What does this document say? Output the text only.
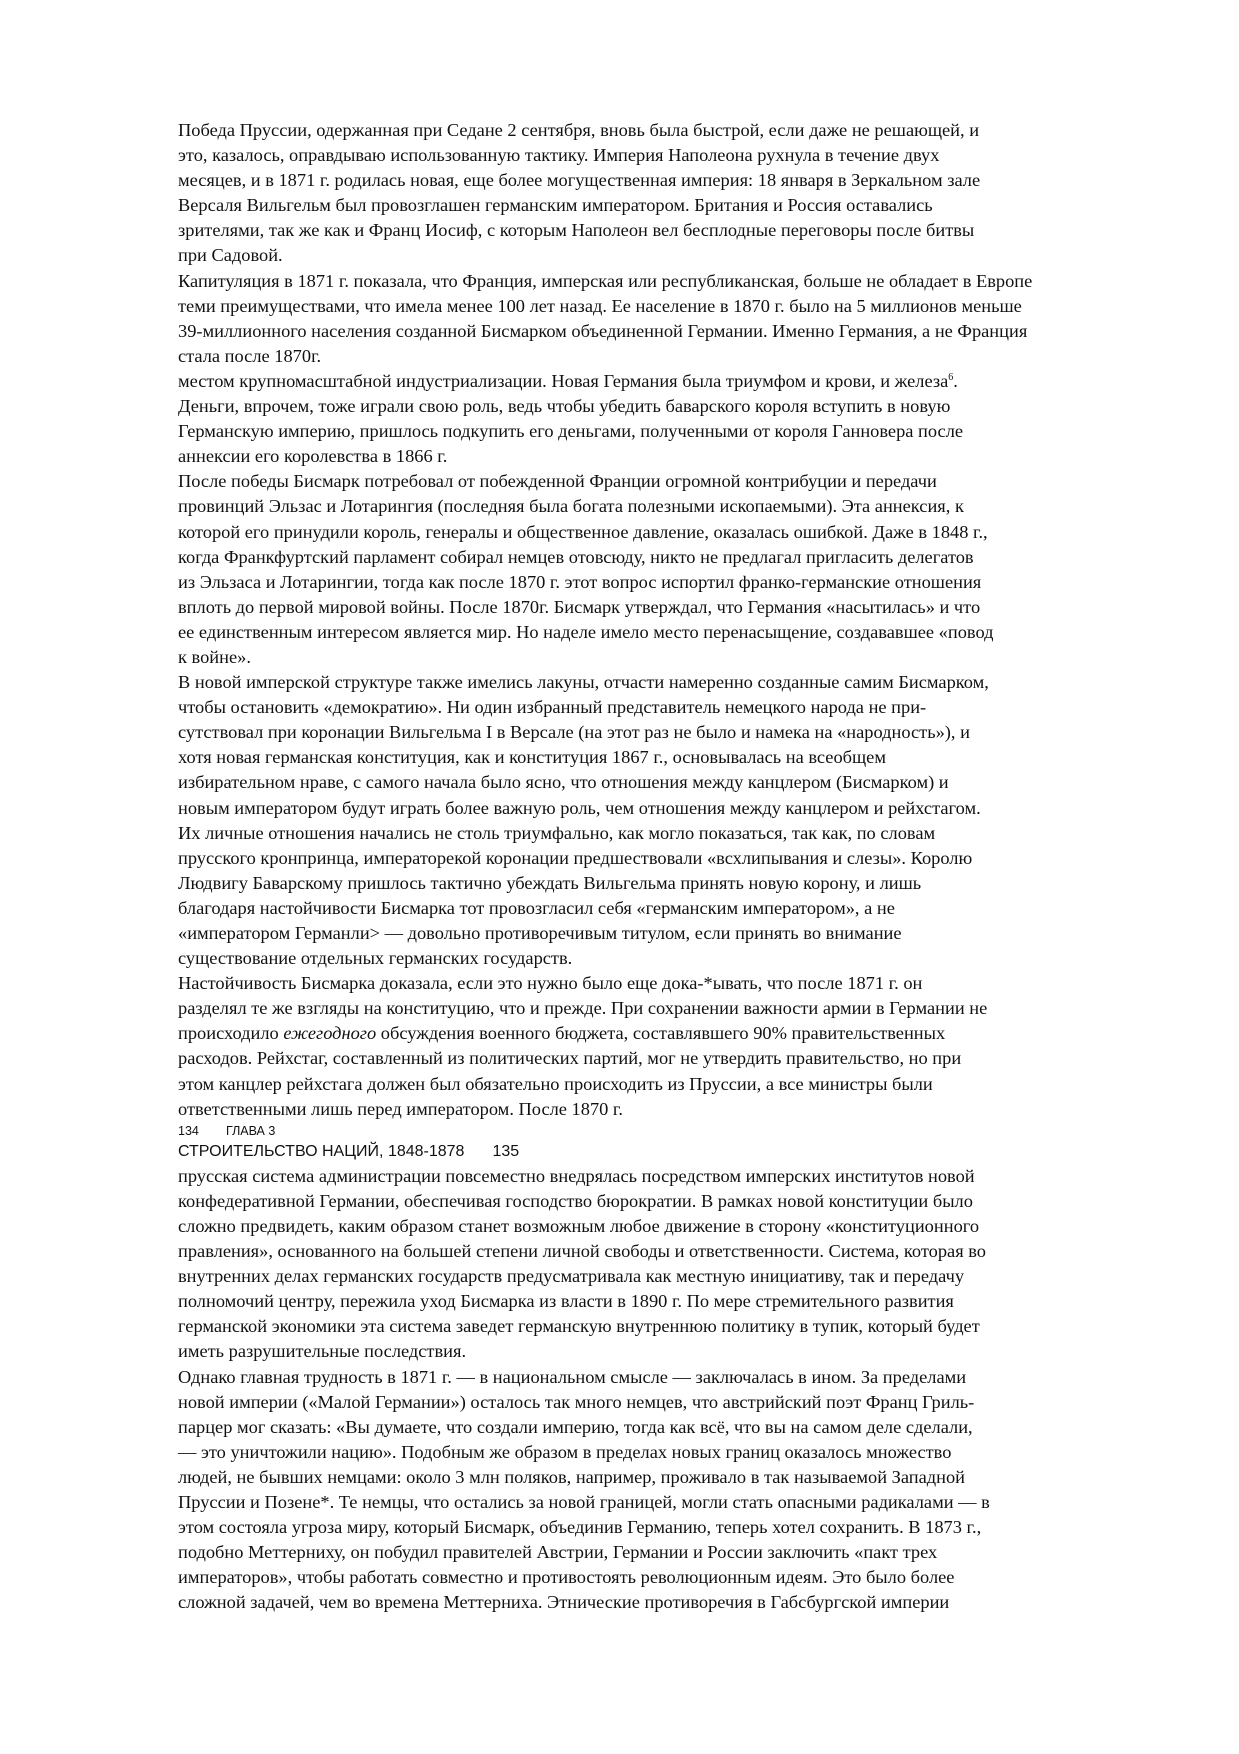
Победа Пруссии, одержанная при Седане 2 сентября, вновь была быстрой, если даже не решающей, и
это, казалось, оправдываю использованную тактику. Империя Наполеона рухнула в течение двух
месяцев, и в 1871 г. родилась новая, еще более могущественная империя: 18 января в Зеркальном зале
Версаля Вильгельм был провозглашен германским императором. Британия и Россия оставались
зрителями, так же как и Франц Иосиф, с которым Наполеон вел бесплодные переговоры после битвы
при Садовой.
Капитуляция в 1871 г. показала, что Франция, имперская или республиканская, больше не обладает в Европе
теми преимуществами, что имела менее 100 лет назад. Ее население в 1870 г. было на 5 миллионов меньше
39-миллионного населения созданной Бисмарком объединенной Германии. Именно Германия, а не Франция
стала после 1870г.
местом крупномасштабной индустриализации. Новая Германия была триумфом и крови, и железа$^6$.
Деньги, впрочем, тоже играли свою роль, ведь чтобы убедить баварского короля вступить в новую
Германскую империю, пришлось подкупить его деньгами, полученными от короля Ганновера после
аннексии его королевства в 1866 г.
После победы Бисмарк потребовал от побежденной Франции огромной контрибуции и передачи
провинций Эльзас и Лотарингия (последняя была богата полезными ископаемыми). Эта аннексия, к
которой его принудили король, генералы и общественное давление, оказалась ошибкой. Даже в 1848 г.,
когда Франкфуртский парламент собирал немцев отовсюду, никто не предлагал пригласить делегатов
из Эльзаса и Лотарингии, тогда как после 1870 г. этот вопрос испортил франко-германские отношения
вплоть до первой мировой войны. После 1870г. Бисмарк утверждал, что Германия «насытилась» и что
ее единственным интересом является мир. Но наделе имело место перенасыщение, создававшее «повод
к войне».
В новой имперской структуре также имелись лакуны, отчасти намеренно созданные самим Бисмарком,
чтобы остановить «демократию». Ни один избранный представитель немецкого народа не при-
сутствовал при коронации Вильгельма I в Версале (на этот раз не было и намека на «народность»), и
хотя новая германская конституция, как и конституция 1867 г., основывалась на всеобщем
избирательном нраве, с самого начала было ясно, что отношения между канцлером (Бисмарком) и
новым императором будут играть более важную роль, чем отношения между канцлером и рейхстагом.
Их личные отношения начались не столь триумфально, как могло показаться, так как, по словам
прусского кронпринца, императорекой коронации предшествовали «всхлипывания и слезы». Королю
Людвигу Баварскому пришлось тактично убеждать Вильгельма принять новую корону, и лишь
благодаря настойчивости Бисмарка тот провозгласил себя «германским императором», а не
«императором Германли> — довольно противоречивым титулом, если принять во внимание
существование отдельных германских государств.
Настойчивость Бисмарка доказала, если это нужно было еще дока-*ывать, что после 1871 г. он
разделял те же взгляды на конституцию, что и прежде. При сохранении важности армии в Германии не
происходило ежегодного обсуждения военного бюджета, составлявшего 90% правительственных
расходов. Рейхстаг, составленный из политических партий, мог не утвердить правительство, но при
этом канцлер рейхстага должен был обязательно происходить из Пруссии, а все министры были
ответственными лишь перед императором. После 1870 г.
134 ГЛАВА 3
СТРОИТЕЛЬСТВО НАЦИЙ, 1848-1878 135
прусская система администрации повсеместно внедрялась посредством имперских институтов новой
конфедеративной Германии, обеспечивая господство бюрократии. В рамках новой конституции было
сложно предвидеть, каким образом станет возможным любое движение в сторону «конституционного
правления», основанного на большей степени личной свободы и ответственности. Система, которая во
внутренних делах германских государств предусматривала как местную инициативу, так и передачу
полномочий центру, пережила уход Бисмарка из власти в 1890 г. По мере стремительного развития
германской экономики эта система заведет германскую внутреннюю политику в тупик, который будет
иметь разрушительные последствия.
Однако главная трудность в 1871 г. — в национальном смысле — заключалась в ином. За пределами
новой империи («Малой Германии») осталось так много немцев, что австрийский поэт Франц Гриль-
парцер мог сказать: «Вы думаете, что создали империю, тогда как всё, что вы на самом деле сделали,
— это уничтожили нацию». Подобным же образом в пределах новых границ оказалось множество
людей, не бывших немцами: около 3 млн поляков, например, проживало в так называемой Западной
Пруссии и Позене*. Те немцы, что остались за новой границей, могли стать опасными радикалами — в
этом состояла угроза миру, который Бисмарк, объединив Германию, теперь хотел сохранить. В 1873 г.,
подобно Меттерниху, он побудил правителей Австрии, Германии и России заключить «пакт трех
императоров», чтобы работать совместно и противостоять революционным идеям. Это было более
сложной задачей, чем во времена Меттерниха. Этнические противоречия в Габсбургской империи
